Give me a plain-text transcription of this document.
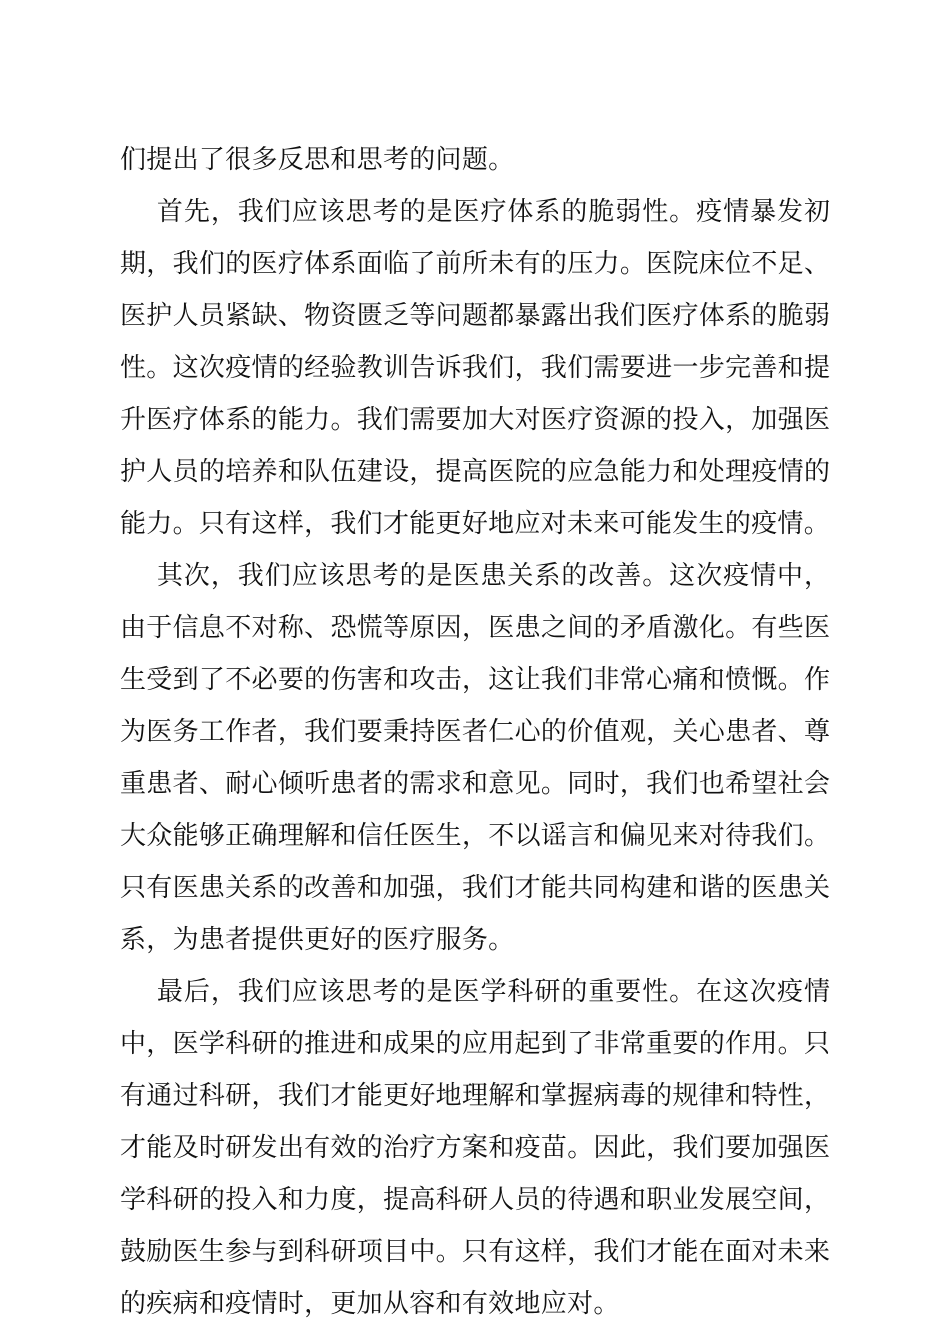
们提出了很多反思和思考的问题。
首先，我们应该思考的是医疗体系的脆弱性。疫情暴发初
期，我们的医疗体系面临了前所未有的压力。医院床位不足、
医护人员紧缺、物资匮乏等问题都暴露出我们医疗体系的脆弱
性。这次疫情的经验教训告诉我们，我们需要进一步完善和提
升医疗体系的能力。我们需要加大对医疗资源的投入，加强医
护人员的培养和队伍建设，提高医院的应急能力和处理疫情的
能力。只有这样，我们才能更好地应对未来可能发生的疫情。
其次，我们应该思考的是医患关系的改善。这次疫情中，
由于信息不对称、恐慌等原因，医患之间的矛盾激化。有些医
生受到了不必要的伤害和攻击，这让我们非常心痛和愤慨。作
为医务工作者，我们要秉持医者仁心的价值观，关心患者、尊
重患者、耐心倾听患者的需求和意见。同时，我们也希望社会
大众能够正确理解和信任医生，不以谣言和偏见来对待我们。
只有医患关系的改善和加强，我们才能共同构建和谐的医患关
系，为患者提供更好的医疗服务。
最后，我们应该思考的是医学科研的重要性。在这次疫情
中，医学科研的推进和成果的应用起到了非常重要的作用。只
有通过科研，我们才能更好地理解和掌握病毒的规律和特性，
才能及时研发出有效的治疗方案和疫苗。因此，我们要加强医
学科研的投入和力度，提高科研人员的待遇和职业发展空间，
鼓励医生参与到科研项目中。只有这样，我们才能在面对未来
的疾病和疫情时，更加从容和有效地应对。
